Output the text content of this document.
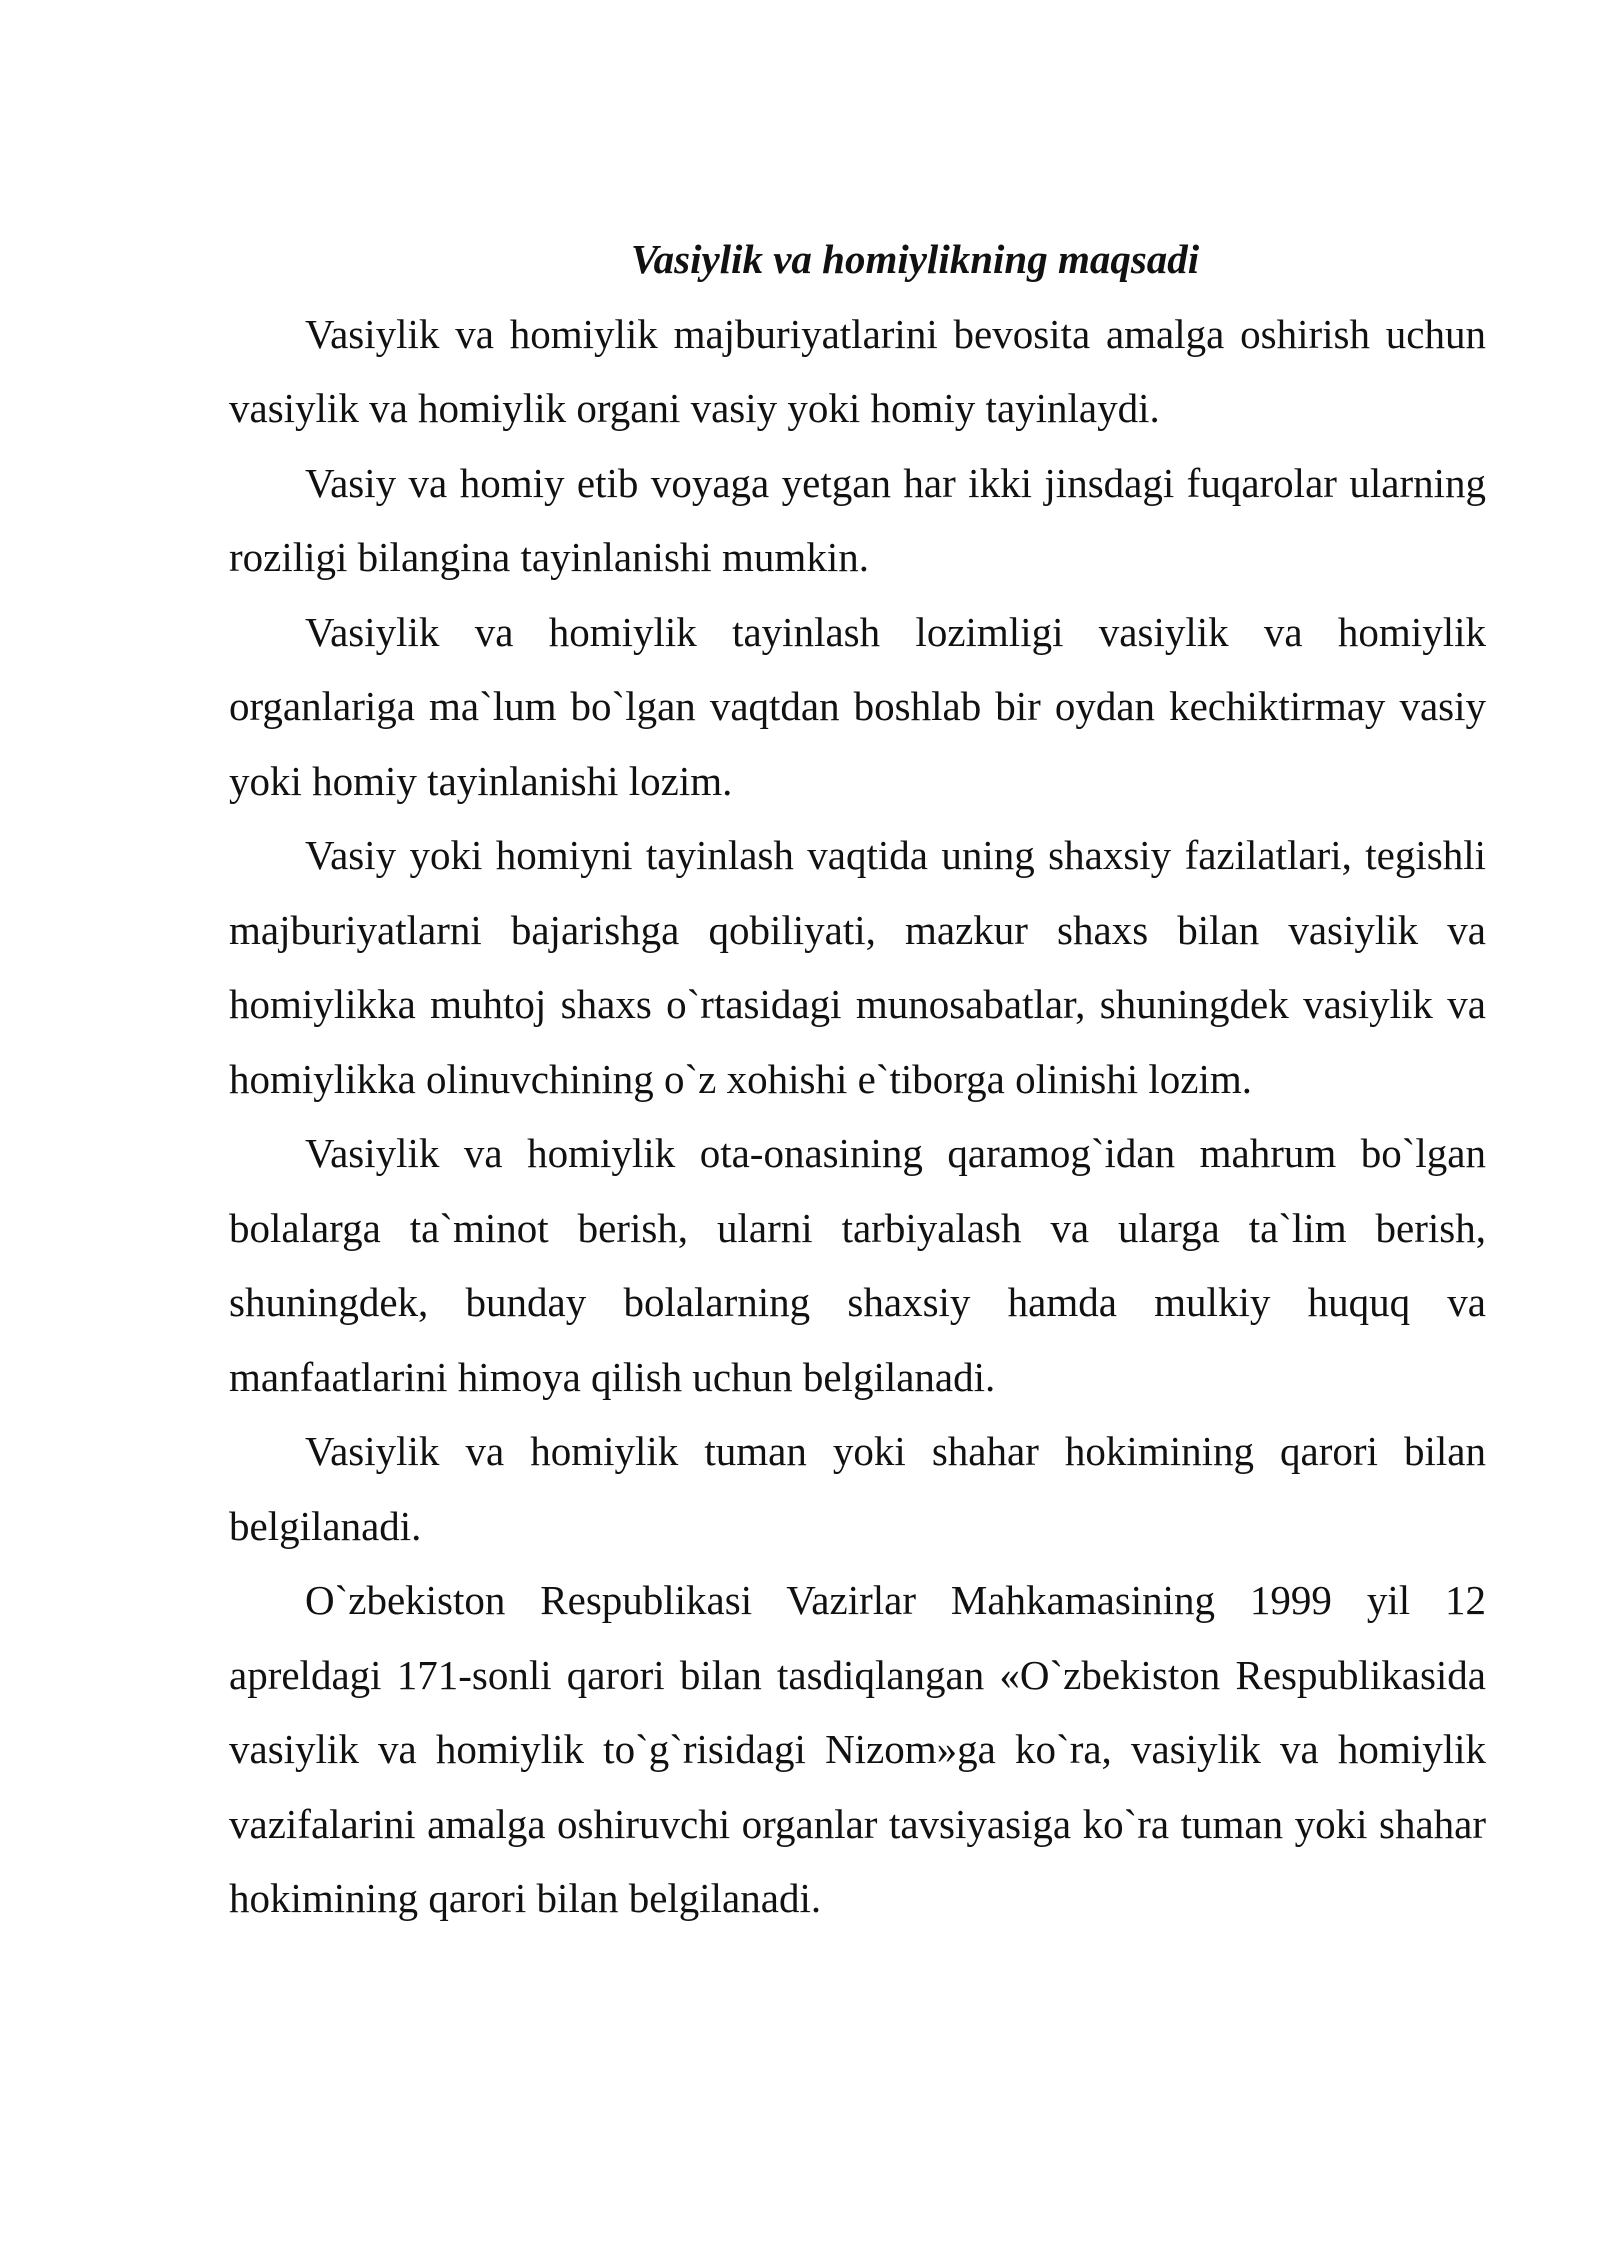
Vasiylik va homiylikning maqsadi

Vasiylik va homiylik majburiyatlarini bevosita amalga oshirish uchun vasiylik va homiylik organi vasiy yoki homiy tayinlaydi.

Vasiy va homiy etib voyaga yetgan har ikki jinsdagi fuqarolar ularning roziligi bilangina tayinlanishi mumkin.

Vasiylik va homiylik tayinlash lozimligi vasiylik va homiylik organlariga ma`lum bo`lgan vaqtdan boshlab bir oydan kechiktirmay vasiy yoki homiy tayinlanishi lozim.

Vasiy yoki homiyni tayinlash vaqtida uning shaxsiy fazilatlari, tegishli majburiyatlarni bajarishga qobiliyati, mazkur shaxs bilan vasiylik va homiylikka muhtoj shaxs o`rtasidagi munosabatlar, shuningdek vasiylik va homiylikka olinuvchining o`z xohishi e`tiborga olinishi lozim.

Vasiylik va homiylik ota-onasining qaramog`idan mahrum bo`lgan bolalarga ta`minot berish, ularni tarbiyalash va ularga ta`lim berish, shuningdek, bunday bolalarning shaxsiy hamda mulkiy huquq va manfaatlarini himoya qilish uchun belgilanadi.

Vasiylik va homiylik tuman yoki shahar hokimining qarori bilan belgilanadi.

O`zbekiston Respublikasi Vazirlar Mahkamasining 1999 yil 12 apreldagi 171-sonli qarori bilan tasdiqlangan «O`zbekiston Respublikasida vasiylik va homiylik to`g`risidagi Nizom»ga ko`ra, vasiylik va homiylik vazifalarini amalga oshiruvchi organlar tavsiyasiga ko`ra tuman yoki shahar hokimining qarori bilan belgilanadi.
